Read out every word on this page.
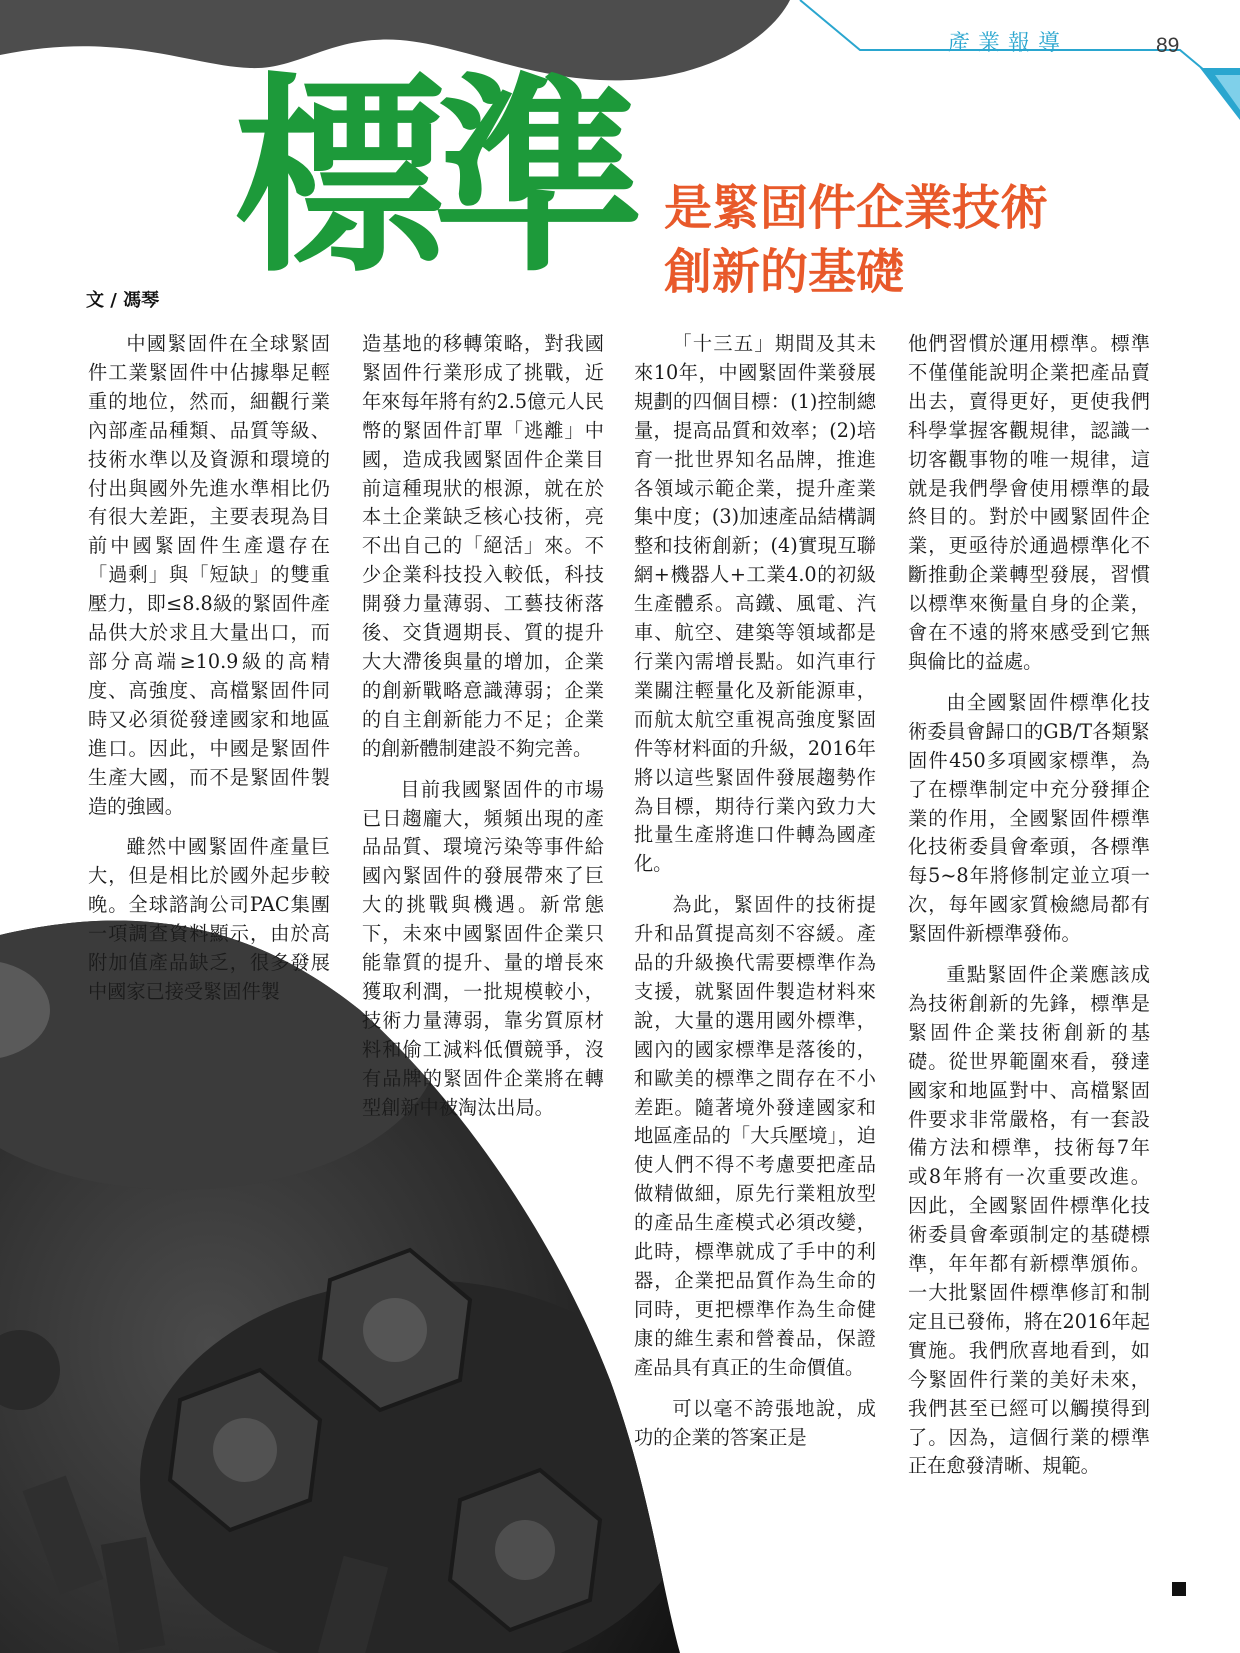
產業報導	89
標準 是緊固件企業技術
創新的基礎
文 / 馮琴

中國緊固件在全球緊固件工業緊固件中佔據舉足輕重的地位，然而，細觀行業內部產品種類、品質等級、技術水準以及資源和環境的付出與國外先進水準相比仍有很大差距，主要表現為目前中國緊固件生產還存在「過剩」與「短缺」的雙重壓力，即≤8.8級的緊固件產品供大於求且大量出口，而部分高端≥10.9級的高精度、高強度、高檔緊固件同時又必須從發達國家和地區進口。因此，中國是緊固件生產大國，而不是緊固件製造的強國。

雖然中國緊固件產量巨大，但是相比於國外起步較晚。全球諮詢公司PAC集團一項調查資料顯示，由於高附加值產品缺乏，很多發展中國家已接受緊固件製

造基地的移轉策略，對我國緊固件行業形成了挑戰，近年來每年將有約2.5億元人民幣的緊固件訂單「逃離」中國，造成我國緊固件企業目前這種現狀的根源，就在於本土企業缺乏核心技術，亮不出自己的「絕活」來。不少企業科技投入較低，科技開發力量薄弱、工藝技術落後、交貨週期長、質的提升大大滯後與量的增加，企業的創新戰略意識薄弱；企業的自主創新能力不足；企業的創新體制建設不夠完善。

目前我國緊固件的市場已日趨龐大，頻頻出現的產品品質、環境污染等事件給國內緊固件的發展帶來了巨大的挑戰與機遇。新常態下，未來中國緊固件企業只能靠質的提升、量的增長來獲取利潤，一批規模較小，技術力量薄弱，靠劣質原材料和偷工減料低價競爭，沒有品牌的緊固件企業將在轉型創新中被淘汰出局。

「十三五」期間及其未來10年，中國緊固件業發展規劃的四個目標：(1)控制總量，提高品質和效率；(2)培育一批世界知名品牌，推進各領域示範企業，提升產業集中度；(3)加速產品結構調整和技術創新；(4)實現互聯網+機器人+工業4.0的初級生產體系。高鐵、風電、汽車、航空、建築等領域都是行業內需增長點。如汽車行業關注輕量化及新能源車，而航太航空重視高強度緊固件等材料面的升級，2016年將以這些緊固件發展趨勢作為目標，期待行業內致力大批量生產將進口件轉為國產化。

為此，緊固件的技術提升和品質提高刻不容緩。產品的升級換代需要標準作為支援，就緊固件製造材料來說，大量的選用國外標準，國內的國家標準是落後的，和歐美的標準之間存在不小差距。隨著境外發達國家和地區產品的「大兵壓境」，迫使人們不得不考慮要把產品做精做細，原先行業粗放型的產品生產模式必須改變，此時，標準就成了手中的利器，企業把品質作為生命的同時，更把標準作為生命健康的維生素和營養品，保證產品具有真正的生命價值。

可以毫不誇張地說，成功的企業的答案正是

他們習慣於運用標準。標準不僅僅能說明企業把產品賣出去，賣得更好，更使我們科學掌握客觀規律，認識一切客觀事物的唯一規律，這就是我們學會使用標準的最終目的。對於中國緊固件企業，更亟待於通過標準化不斷推動企業轉型發展，習慣以標準來衡量自身的企業，會在不遠的將來感受到它無與倫比的益處。

由全國緊固件標準化技術委員會歸口的GB/T各類緊固件450多項國家標準，為了在標準制定中充分發揮企業的作用，全國緊固件標準化技術委員會牽頭，各標準每5~8年將修制定並立項一次，每年國家質檢總局都有緊固件新標準發佈。

重點緊固件企業應該成為技術創新的先鋒，標準是緊固件企業技術創新的基礎。從世界範圍來看，發達國家和地區對中、高檔緊固件要求非常嚴格，有一套設備方法和標準，技術每7年或8年將有一次重要改進。因此，全國緊固件標準化技術委員會牽頭制定的基礎標準，年年都有新標準頒佈。一大批緊固件標準修訂和制定且已發佈，將在2016年起實施。我們欣喜地看到，如今緊固件行業的美好未來，我們甚至已經可以觸摸得到了。因為，這個行業的標準正在愈發清晰、規範。
